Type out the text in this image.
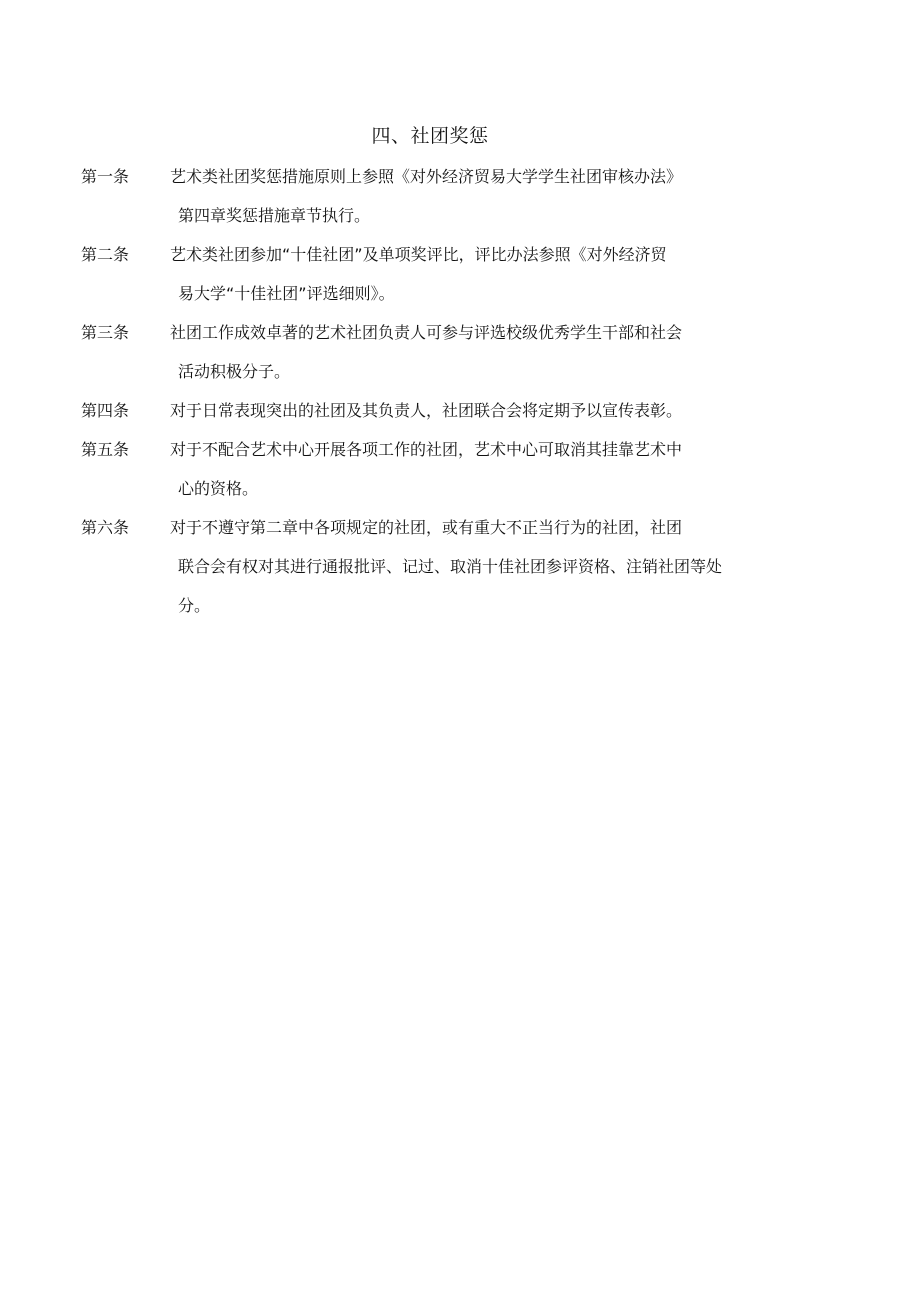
四、社团奖惩
第一条	艺术类社团奖惩措施原则上参照《对外经济贸易大学学生社团审核办法》
第四章奖惩措施章节执行。
第二条	艺术类社团参加“十佳社团”及单项奖评比，评比办法参照《对外经济贸
易大学“十佳社团”评选细则》。
第三条	社团工作成效卓著的艺术社团负责人可参与评选校级优秀学生干部和社会
活动积极分子。
第四条	对于日常表现突出的社团及其负责人，社团联合会将定期予以宣传表彰。
第五条	对于不配合艺术中心开展各项工作的社团，艺术中心可取消其挂靠艺术中
心的资格。
第六条	对于不遵守第二章中各项规定的社团，或有重大不正当行为的社团，社团
联合会有权对其进行通报批评、记过、取消十佳社团参评资格、注销社团等处
分。
